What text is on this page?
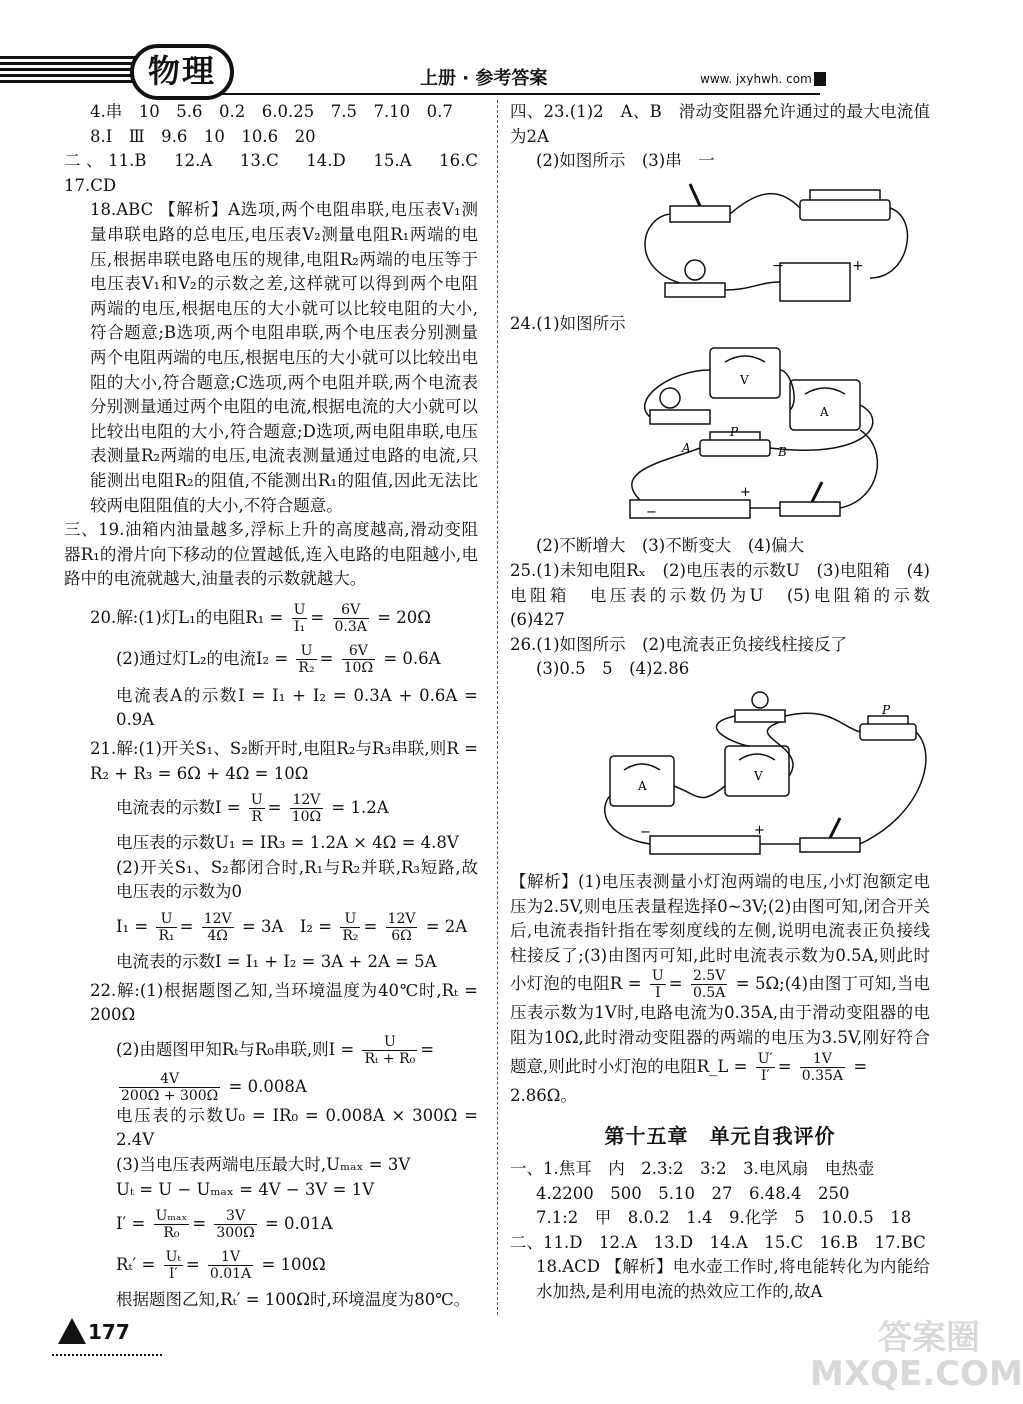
物理	上册 · 参考答案	www. jxyhwh. com

4.串　10　5.6　0.2　6.0.25　7.5　7.10　0.7

8.Ⅰ　Ⅲ　9.6　10　10.6　20

二、11.B　12.A　13.C　14.D　15.A　16.C　17.CD

18.ABC 【解析】A选项,两个电阻串联,电压表V₁测量串联电路的总电压,电压表V₂测量电阻R₁两端的电压,根据串联电路电压的规律,电阻R₂两端的电压等于电压表V₁和V₂的示数之差,这样就可以得到两个电阻两端的电压,根据电压的大小就可以比较电阻的大小,符合题意;B选项,两个电阻串联,两个电压表分别测量两个电阻两端的电压,根据电压的大小就可以比较出电阻的大小,符合题意;C选项,两个电阻并联,两个电流表分别测量通过两个电阻的电流,根据电流的大小就可以比较出电阻的大小,符合题意;D选项,两电阻串联,电压表测量R₂两端的电压,电流表测量通过电路的电流,只能测出电阻R₂的阻值,不能测出R₁的阻值,因此无法比较两电阻阻值的大小,不符合题意。

三、19.油箱内油量越多,浮标上升的高度越高,滑动变阻器R₁的滑片向下移动的位置越低,连入电路的电阻越小,电路中的电流就越大,油量表的示数就越大。

20.解:(1)灯L₁的电阻$R_1 = \frac{U}{\text{I₁}} = \frac{6V}{0.3A} = 20\Omega$

(2)通过灯L₂的电流$I_2 = \frac{U}{\text{R₂}} = \frac{6V}{10\Omega} = 0.6A$

电流表A的示数I = I₁ + I₂ = 0.3A + 0.6A = 0.9A

21.解:(1)开关S₁、S₂断开时,电阻R₂与R₃串联,则R = R₂ + R₃ = 6Ω + 4Ω = 10Ω

电流表的示数$I = \frac{U}{R} = \frac{12V}{10\Omega} = 1.2A$

电压表的示数U₁ = IR₃ = 1.2A × 4Ω = 4.8V

(2)开关S₁、S₂都闭合时,R₁与R₂并联,R₃短路,故电压表的示数为0

$I_1 = \frac{U}{\text{R₁}} = \frac{12V}{4\Omega} = 3A$　$I_2 = \frac{U}{\text{R₂}} = \frac{12V}{6\Omega} = 2A$

电流表的示数I = I₁ + I₂ = 3A + 2A = 5A

22.解:(1)根据题图乙知,当环境温度为40℃时,Rₜ = 200Ω

(2)由题图甲知Rₜ与R₀串联,则$I = \frac{U}{\text{Rₜ + R₀}}$ =

$\frac{4V}{200\Omega + 300\Omega} = 0.008A$

电压表的示数U₀ = IR₀ = 0.008A × 300Ω = 2.4V

(3)当电压表两端电压最大时,Uₘₐₓ = 3V

Uₜ = U − Uₘₐₓ = 4V − 3V = 1V

$I' = \frac{\text{Uₘₐₓ}}{\text{R₀}} = \frac{3V}{300\Omega} = 0.01A$

$R_t' = \frac{\text{Uₜ}}{I'} = \frac{1V}{0.01A} = 100\Omega$

根据题图乙知,Rₜ′ = 100Ω时,环境温度为80℃。

四、23.(1)2　A、B　滑动变阻器允许通过的最大电流值为2A

(2)如图所示　(3)串　一

−	+

24.(1)如图所示

P
A	B
V
A
−
+

(2)不断增大　(3)不断变大　(4)偏大

25.(1)未知电阻Rₓ　(2)电压表的示数U　(3)电阻箱　(4)电阻箱　电压表的示数仍为U　(5)电阻箱的示数　(6)427

26.(1)如图所示　(2)电流表正负接线柱接反了

(3)0.5　5　(4)2.86

P
A
V
−	+

【解析】(1)电压表测量小灯泡两端的电压,小灯泡额定电压为2.5V,则电压表量程选择0~3V;(2)由图可知,闭合开关后,电流表指针指在零刻度线的左侧,说明电流表正负接线柱接反了;(3)由图丙可知,此时电流表示数为0.5A,则此时小灯泡的电阻$R = \frac{U}{I} = \frac{2.5V}{0.5A}$ = 5Ω;(4)由图丁可知,当电压表示数为1V时,电路电流为0.35A,由于滑动变阻器的电阻为10Ω,此时滑动变阻器的两端的电压为3.5V,刚好符合题意,则此时小灯泡的电阻R_L = $\frac{U'}{I'} = \frac{1V}{0.35A}$ =

2.86Ω。

第十五章　单元自我评价

一、1.焦耳　内　2.3:2　3:2　3.电风扇　电热壶

4.2200　500　5.10　27　6.48.4　250

7.1:2　甲　8.0.2　1.4　9.化学　5　10.0.5　18

二、11.D　12.A　13.D　14.A　15.C　16.B　17.BC

18.ACD 【解析】电水壶工作时,将电能转化为内能给水加热,是利用电流的热效应工作的,故A

177	答案圈
MXQE.COM
